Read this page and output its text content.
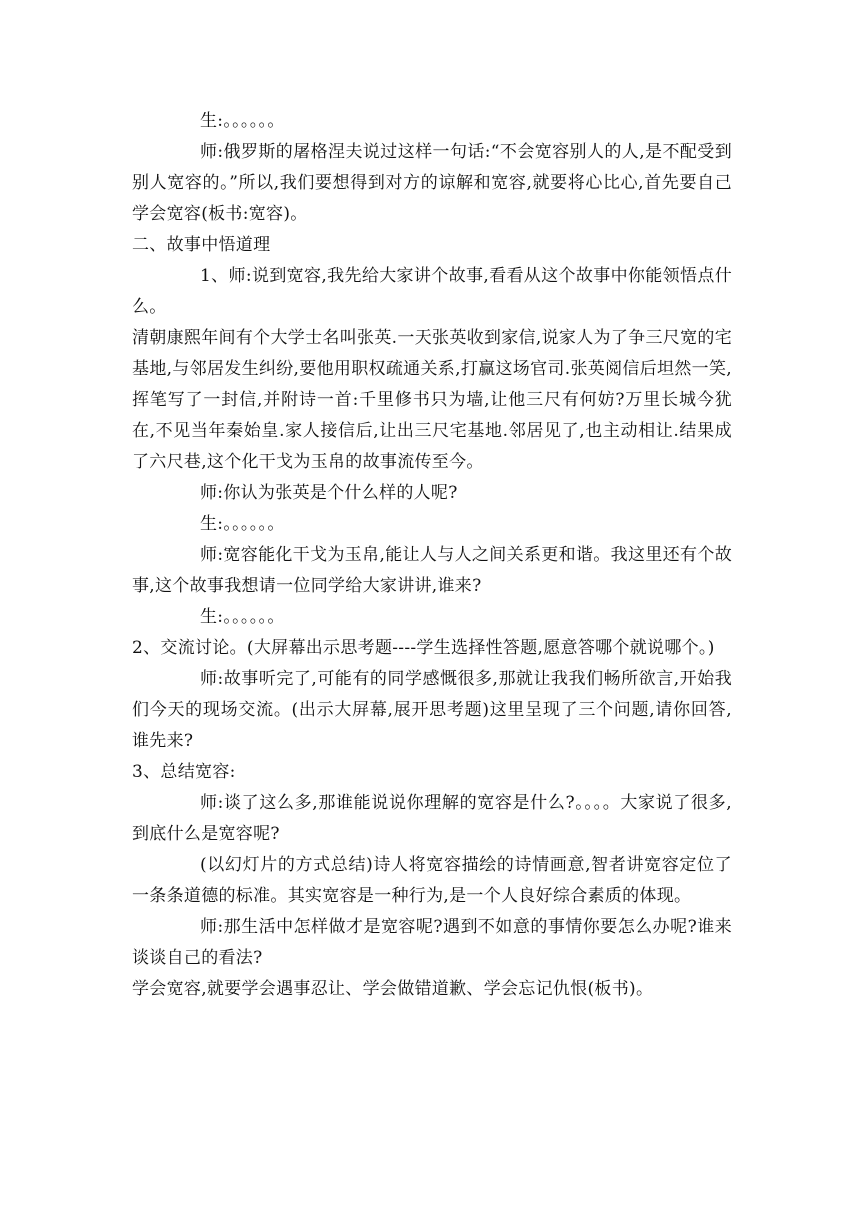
生:。。。。。。

师:俄罗斯的屠格涅夫说过这样一句话:“不会宽容别人的人,是不配受到别人宽容的。”所以,我们要想得到对方的谅解和宽容,就要将心比心,首先要自己学会宽容(板书:宽容)。

二、故事中悟道理

1、师:说到宽容,我先给大家讲个故事,看看从这个故事中你能领悟点什么。

清朝康熙年间有个大学士名叫张英.一天张英收到家信,说家人为了争三尺宽的宅基地,与邻居发生纠纷,要他用职权疏通关系,打赢这场官司.张英阅信后坦然一笑,挥笔写了一封信,并附诗一首:千里修书只为墙,让他三尺有何妨?万里长城今犹在,不见当年秦始皇.家人接信后,让出三尺宅基地.邻居见了,也主动相让.结果成了六尺巷,这个化干戈为玉帛的故事流传至今。

师:你认为张英是个什么样的人呢?

生:。。。。。。

师:宽容能化干戈为玉帛,能让人与人之间关系更和谐。我这里还有个故事,这个故事我想请一位同学给大家讲讲,谁来?

生:。。。。。。

2、交流讨论。(大屏幕出示思考题----学生选择性答题,愿意答哪个就说哪个。)

师:故事听完了,可能有的同学感慨很多,那就让我我们畅所欲言,开始我们今天的现场交流。(出示大屏幕,展开思考题)这里呈现了三个问题,请你回答,谁先来?

3、总结宽容:

师:谈了这么多,那谁能说说你理解的宽容是什么?。。。。大家说了很多,到底什么是宽容呢?

(以幻灯片的方式总结)诗人将宽容描绘的诗情画意,智者讲宽容定位了一条条道德的标准。其实宽容是一种行为,是一个人良好综合素质的体现。

师:那生活中怎样做才是宽容呢?遇到不如意的事情你要怎么办呢?谁来谈谈自己的看法?

学会宽容,就要学会遇事忍让、学会做错道歉、学会忘记仇恨(板书)。
